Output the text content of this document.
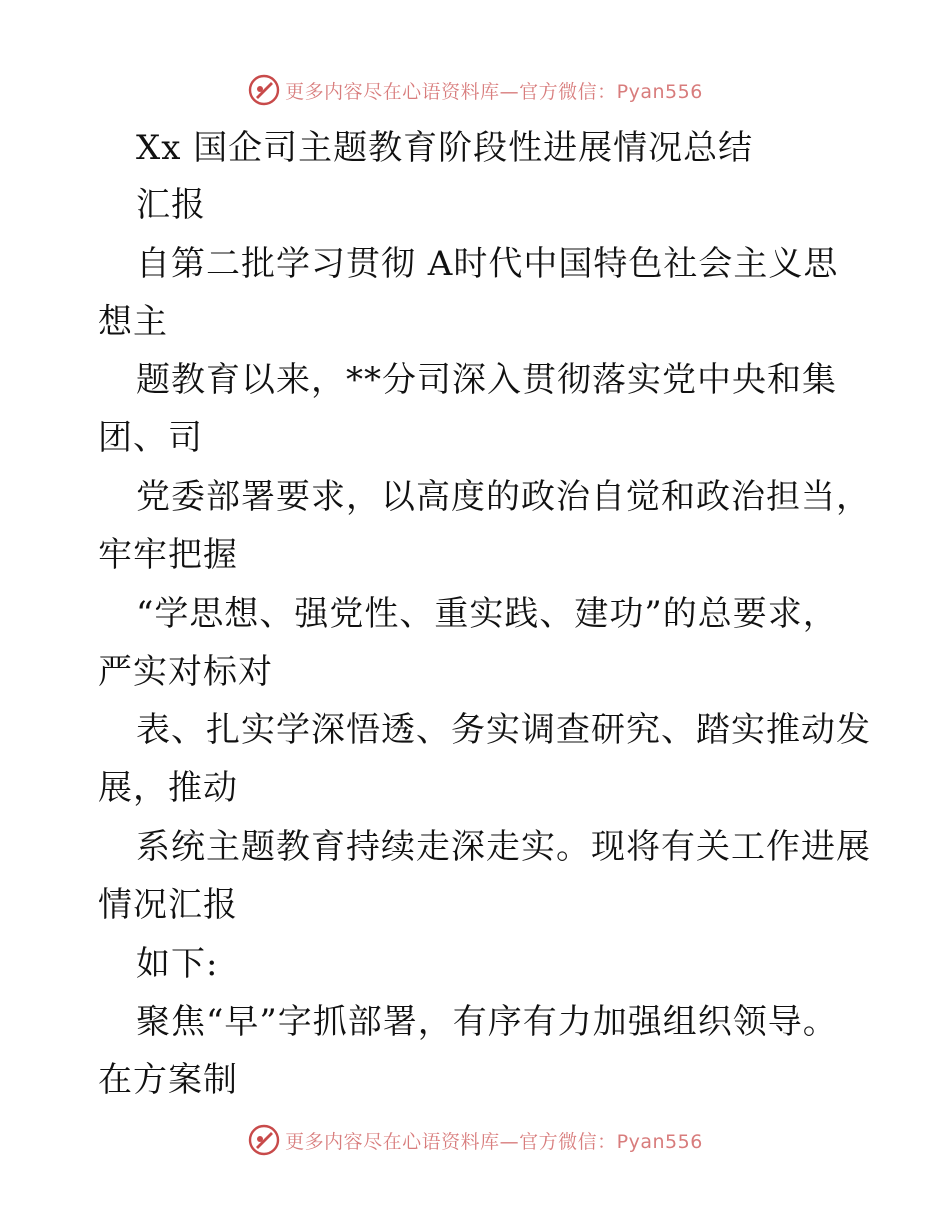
更多内容尽在心语资料库—官方微信：Pyan556
Xx 国企司主题教育阶段性进展情况总结
汇报
自第二批学习贯彻 A时代中国特色社会主义思
想主
题教育以来，**分司深入贯彻落实党中央和集
团、司
党委部署要求，以高度的政治自觉和政治担当，
牢牢把握
“学思想、强党性、重实践、建功”的总要求，
严实对标对
表、扎实学深悟透、务实调查研究、踏实推动发
展，推动
系统主题教育持续走深走实。现将有关工作进展
情况汇报
如下:
聚焦“早”字抓部署，有序有力加强组织领导。
在方案制
更多内容尽在心语资料库—官方微信：Pyan556
